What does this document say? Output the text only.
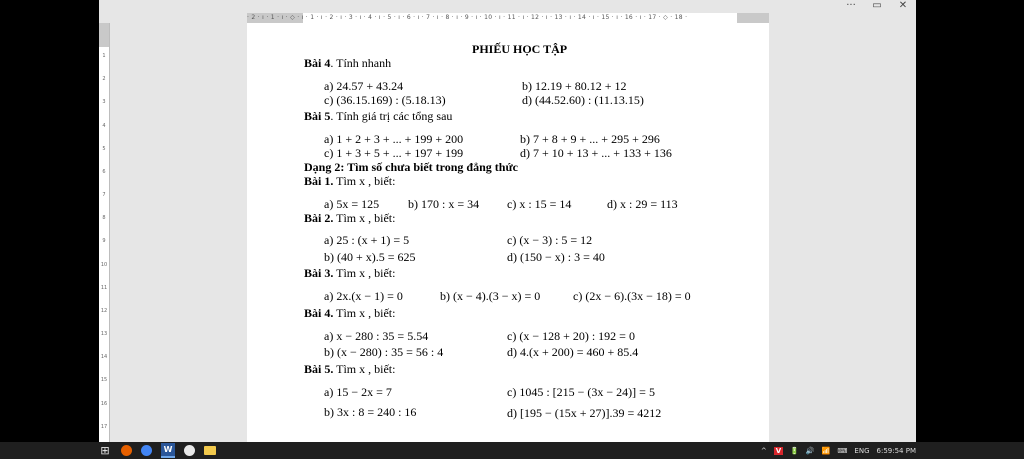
··· ▭ ✕
· 2 · ı · 1 · ı · ◇ · ı · 1 · ı · 2 · ı · 3 · ı · 4 · ı · 5 · ı · 6 · ı · 7 · ı · 8 · ı · 9 · ı · 10 · ı · 11 · ı · 12 · ı · 13 · ı · 14 · ı · 15 · ı · 16 · ı · 17 · ◇ · 18 ·
1
2
3
4
5
6
7
8
9
10
11
12
13
14
15
16
17
PHIẾU HỌC TẬP
Bài 4. Tính nhanh
a) 24.57 + 43.24	b) 12.19 + 80.12 + 12
c) (36.15.169) : (5.18.13)	d) (44.52.60) : (11.13.15)
Bài 5. Tính giá trị các tổng sau
a) 1 + 2 + 3 + ... + 199 + 200	b) 7 + 8 + 9 + ... + 295 + 296
c) 1 + 3 + 5 + ... + 197 + 199	d) 7 + 10 + 13 + ... + 133 + 136
Dạng 2: Tìm số chưa biết trong đẳng thức
Bài 1. Tìm x , biết:
a) 5x = 125 b) 170 : x = 34 c) x : 15 = 14	d) x : 29 = 113
Bài 2. Tìm x , biết:
a) 25 : (x + 1) = 5	c) (x − 3) : 5 = 12
b) (40 + x).5 = 625	d) (150 − x) : 3 = 40
Bài 3. Tìm x , biết:
a) 2x.(x − 1) = 0	b) (x − 4).(3 − x) = 0	c) (2x − 6).(3x − 18) = 0
Bài 4. Tìm x , biết:
a) x − 280 : 35 = 5.54	c) (x − 128 + 20) : 192 = 0
b) (x − 280) : 35 = 56 : 4	d) 4.(x + 200) = 460 + 85.4
Bài 5. Tìm x , biết:
a) 15 − 2x = 7	c) 1045 : [215 − (3x − 24)] = 5
b) 3x : 8 = 240 : 16	d) [195 − (15x + 27)].39 = 4212
⊞	W	^ V 🔋 🔊 📶 ⌨ ENG 6:59:54 PM
